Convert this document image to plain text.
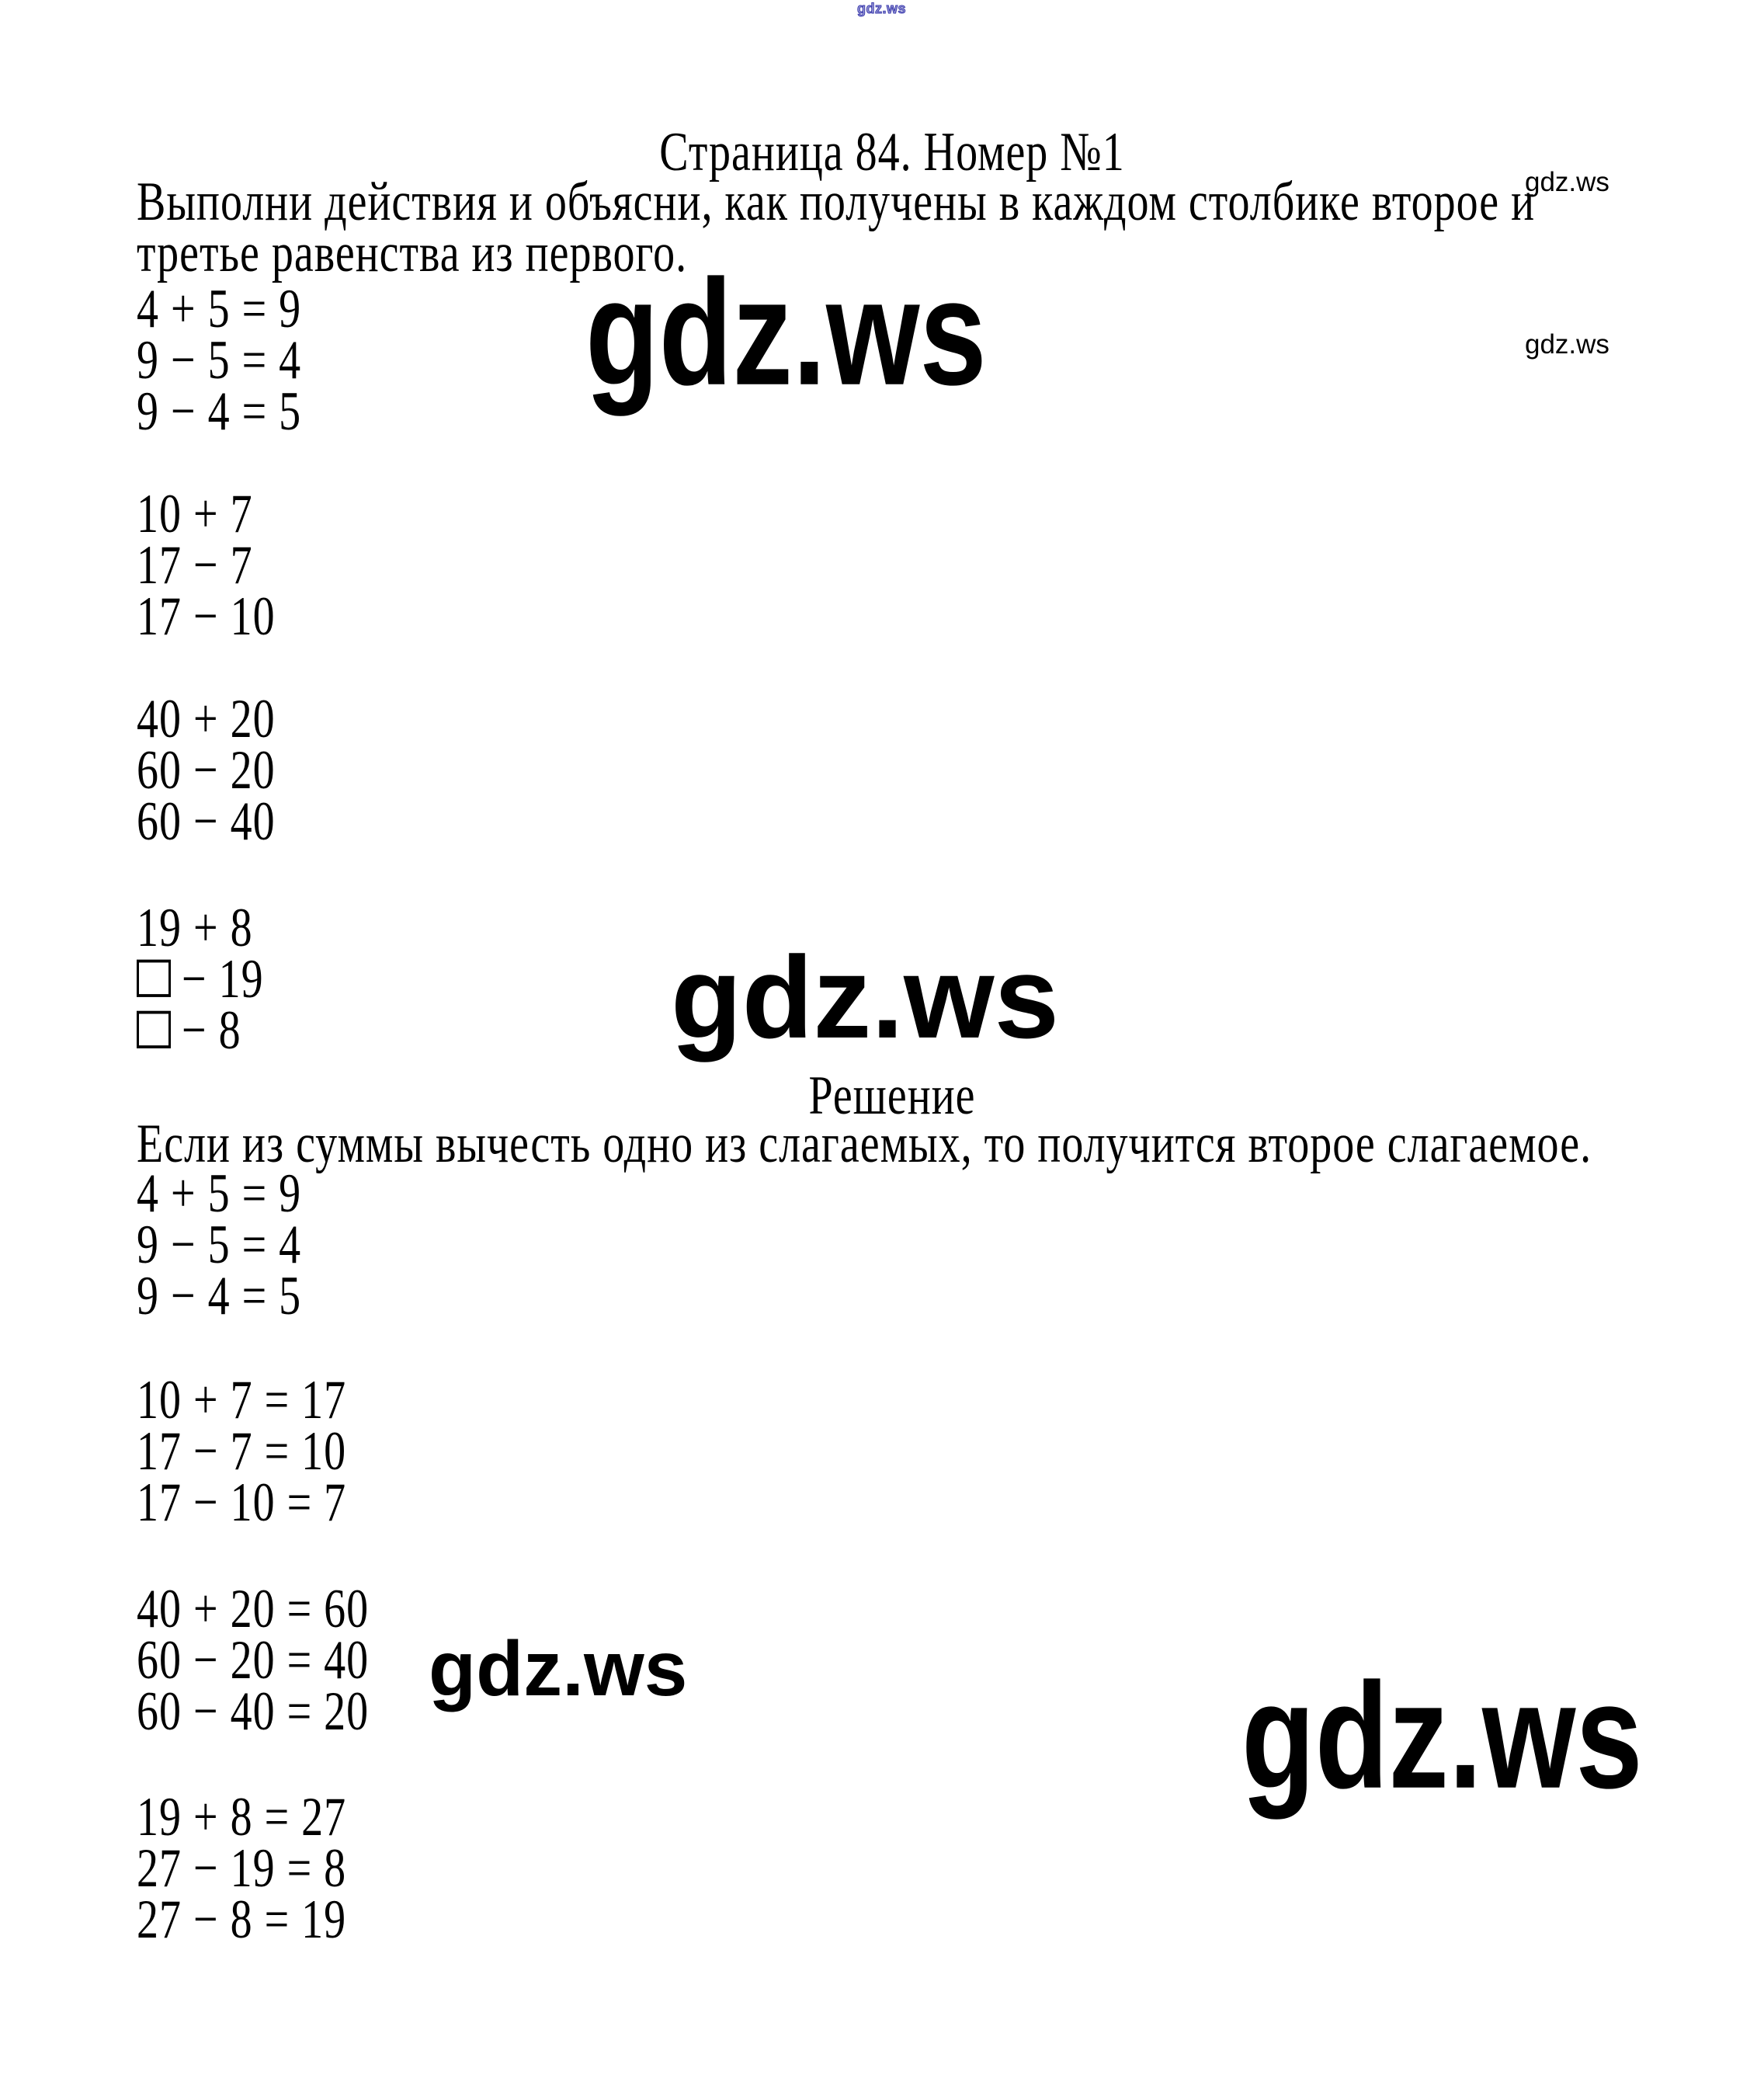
gdz.ws
gdz.ws
gdz.ws
gdz.ws
gdz.ws
gdz.ws	gdz.ws
Страница 84. Номер №1
Выполни действия и объясни, как получены в каждом столбике второе и
третье равенства из первого.
4 + 5 = 9
9 − 5 = 4
9 − 4 = 5
10 + 7
17 − 7
17 − 10
40 + 20
60 − 20
60 − 40
19 + 8
− 19
− 8
Решение
Если из суммы вычесть одно из слагаемых, то получится второе слагаемое.
4 + 5 = 9
9 − 5 = 4
9 − 4 = 5
10 + 7 = 17
17 − 7 = 10
17 − 10 = 7
40 + 20 = 60
60 − 20 = 40
60 − 40 = 20
19 + 8 = 27
27 − 19 = 8
27 − 8 = 19
